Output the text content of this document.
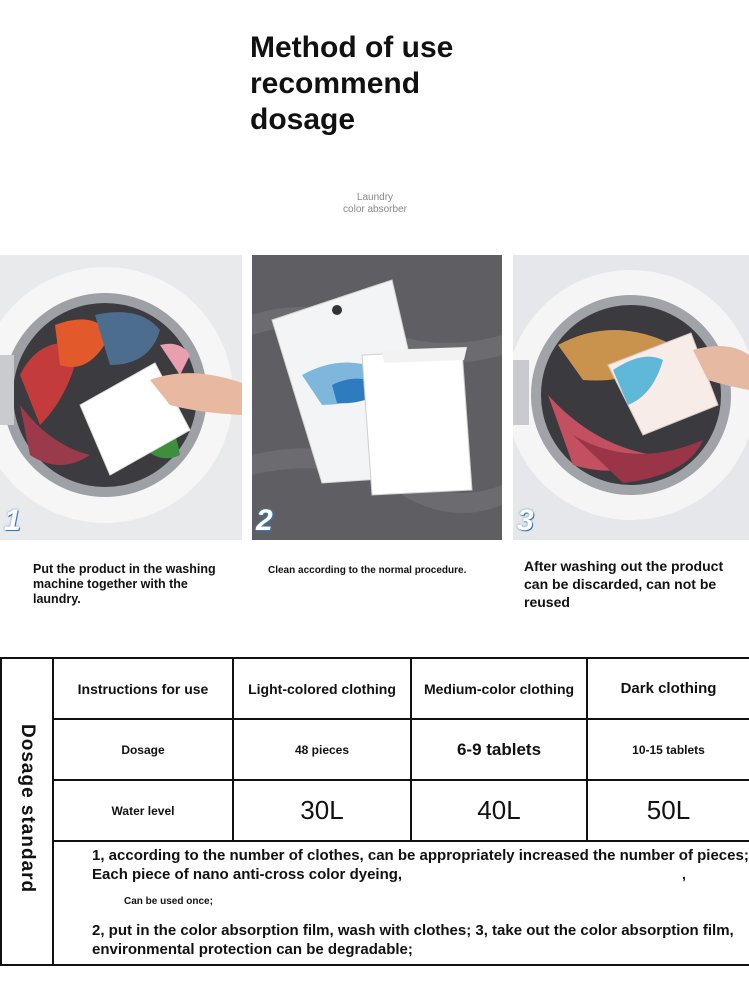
Method of use
recommend
dosage
Laundry
color absorber
1	2	3
Put the product in the washing machine together with the laundry.
Clean according to the normal procedure.	After washing out the product can be discarded, can not be reused
Dosage standard	Instructions for use	Light-colored clothing	Medium-color clothing	Dark clothing
	Dosage	48 pieces	6-9 tablets	10-15 tablets
	Water level	30L	40L	50L

	1, according to the number of clothes, can be appropriately increased the number of pieces; Each piece of nano anti-cross color dyeing,
Can be used once;
2, put in the color absorption film, wash with clothes; 3, take out the color absorption film, environmental protection can be degradable;			
,
